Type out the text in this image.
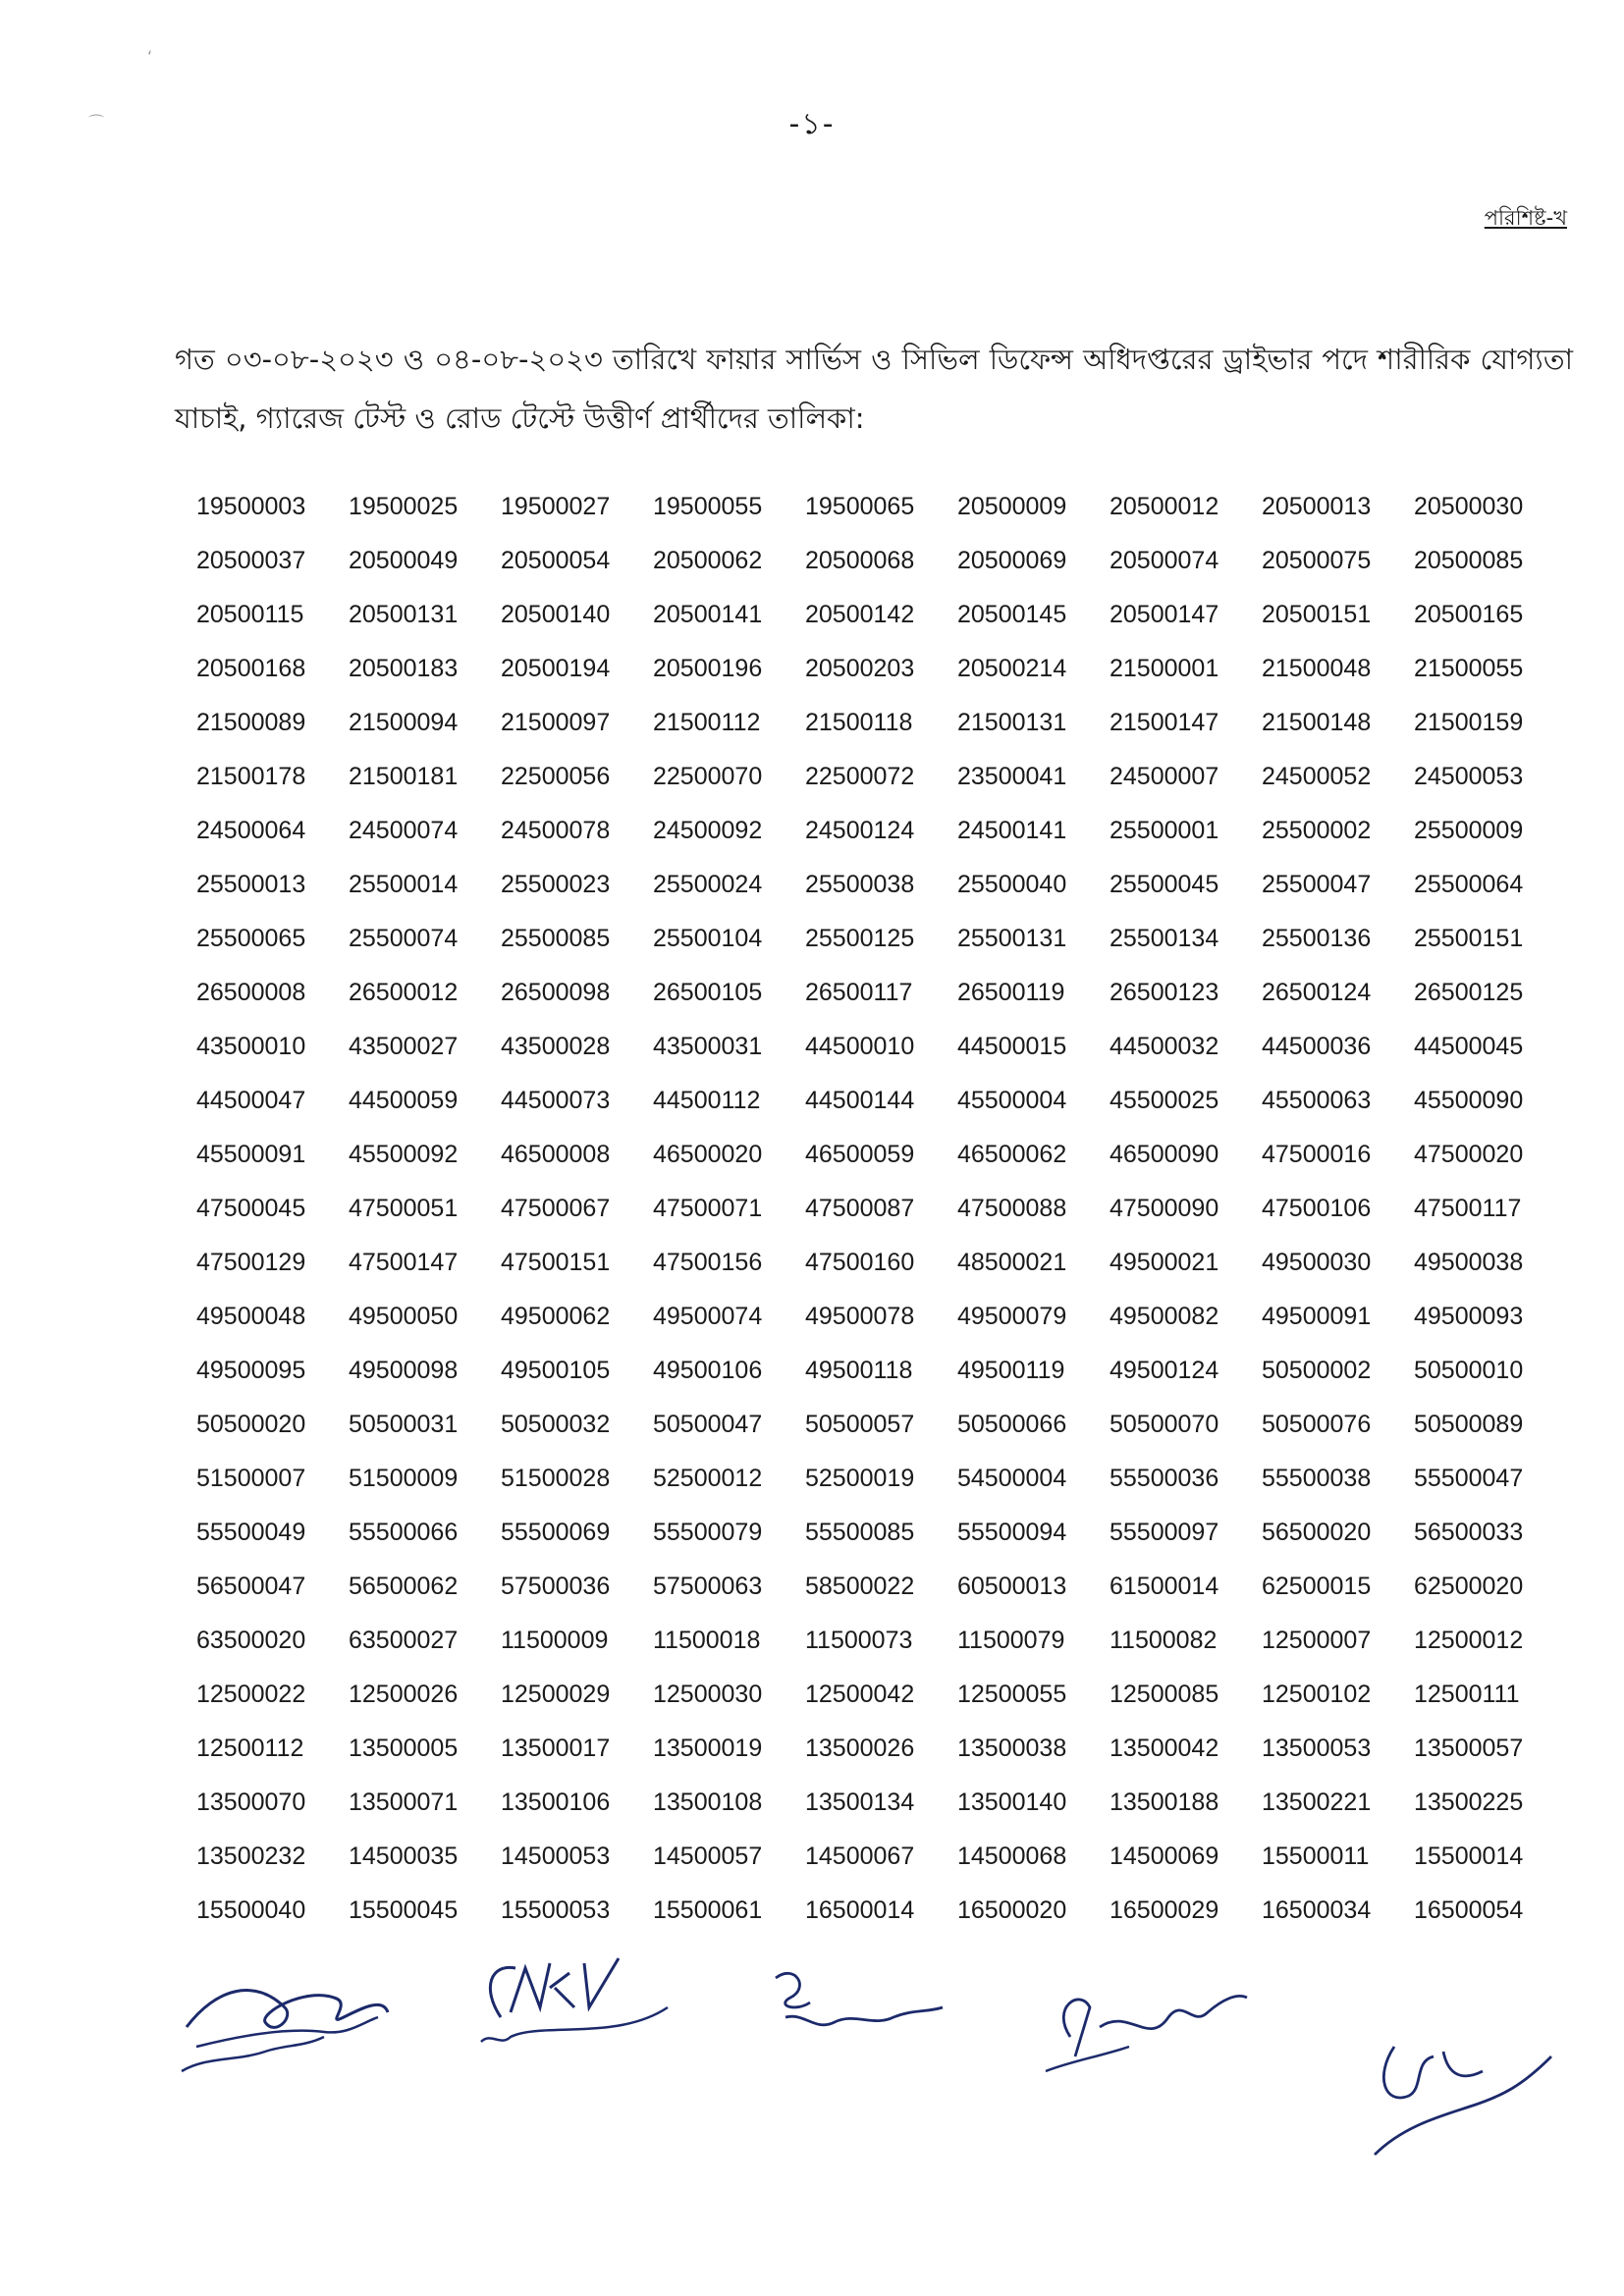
‘
⌒	-১-
পরিশিষ্ট-খ
গত ০৩-০৮-২০২৩ ও ০৪-০৮-২০২৩ তারিখে ফায়ার সার্ভিস ও সিভিল ডিফেন্স অধিদপ্তরের ড্রাইভার পদে শারীরিক যোগ্যতা যাচাই, গ্যারেজ টেস্ট ও রোড টেস্টে উত্তীর্ণ প্রার্থীদের তালিকা:
19500003	19500025	19500027	19500055	19500065	20500009	20500012	20500013	20500030
20500037	20500049	20500054	20500062	20500068	20500069	20500074	20500075	20500085
20500115	20500131	20500140	20500141	20500142	20500145	20500147	20500151	20500165
20500168	20500183	20500194	20500196	20500203	20500214	21500001	21500048	21500055
21500089	21500094	21500097	21500112	21500118	21500131	21500147	21500148	21500159
21500178	21500181	22500056	22500070	22500072	23500041	24500007	24500052	24500053
24500064	24500074	24500078	24500092	24500124	24500141	25500001	25500002	25500009
25500013	25500014	25500023	25500024	25500038	25500040	25500045	25500047	25500064
25500065	25500074	25500085	25500104	25500125	25500131	25500134	25500136	25500151
26500008	26500012	26500098	26500105	26500117	26500119	26500123	26500124	26500125
43500010	43500027	43500028	43500031	44500010	44500015	44500032	44500036	44500045
44500047	44500059	44500073	44500112	44500144	45500004	45500025	45500063	45500090
45500091	45500092	46500008	46500020	46500059	46500062	46500090	47500016	47500020
47500045	47500051	47500067	47500071	47500087	47500088	47500090	47500106	47500117
47500129	47500147	47500151	47500156	47500160	48500021	49500021	49500030	49500038
49500048	49500050	49500062	49500074	49500078	49500079	49500082	49500091	49500093
49500095	49500098	49500105	49500106	49500118	49500119	49500124	50500002	50500010
50500020	50500031	50500032	50500047	50500057	50500066	50500070	50500076	50500089
51500007	51500009	51500028	52500012	52500019	54500004	55500036	55500038	55500047
55500049	55500066	55500069	55500079	55500085	55500094	55500097	56500020	56500033
56500047	56500062	57500036	57500063	58500022	60500013	61500014	62500015	62500020
63500020	63500027	11500009	11500018	11500073	11500079	11500082	12500007	12500012
12500022	12500026	12500029	12500030	12500042	12500055	12500085	12500102	12500111
12500112	13500005	13500017	13500019	13500026	13500038	13500042	13500053	13500057
13500070	13500071	13500106	13500108	13500134	13500140	13500188	13500221	13500225
13500232	14500035	14500053	14500057	14500067	14500068	14500069	15500011	15500014
15500040	15500045	15500053	15500061	16500014	16500020	16500029	16500034	16500054
